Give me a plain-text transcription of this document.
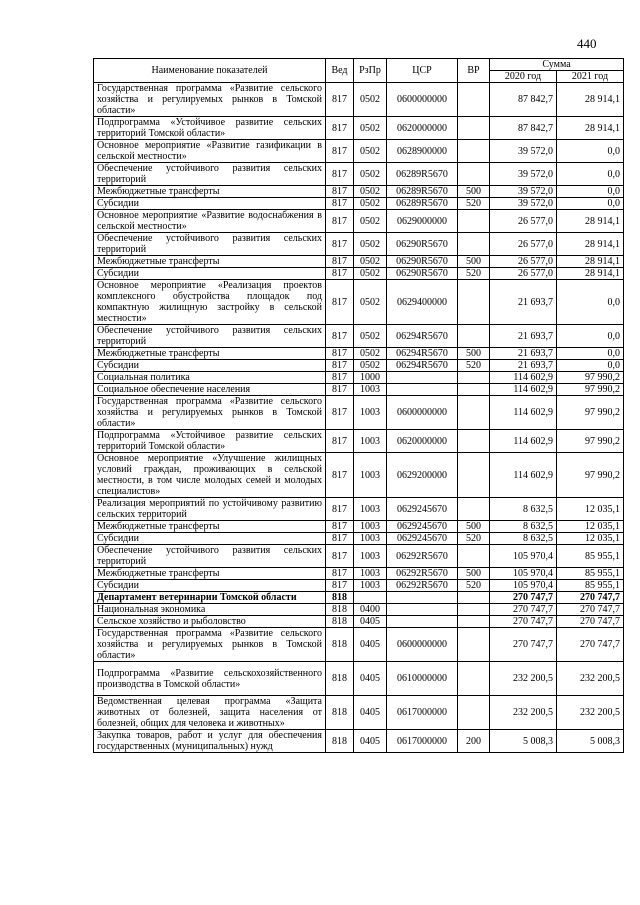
440
Наименование показателей	Вед	РзПр	ЦСР	ВР	Сумма	
					2020 год	2021 год
Государственная программа «Развитие сельского хозяйства и регулируемых рынков в Томской области»	817	0502	0600000000		87 842,7	28 914,1
Подпрограмма «Устойчивое развитие сельских территорий Томской области»	817	0502	0620000000		87 842,7	28 914,1
Основное мероприятие «Развитие газификации в сельской местности»	817	0502	0628900000		39 572,0	0,0
Обеспечение устойчивого развития сельских территорий	817	0502	06289R5670		39 572,0	0,0
Межбюджетные трансферты	817	0502	06289R5670	500	39 572,0	0,0
Субсидии	817	0502	06289R5670	520	39 572,0	0,0
Основное мероприятие «Развитие водоснабжения в сельской местности»	817	0502	0629000000		26 577,0	28 914,1
Обеспечение устойчивого развития сельских территорий	817	0502	06290R5670		26 577,0	28 914,1
Межбюджетные трансферты	817	0502	06290R5670	500	26 577,0	28 914,1
Субсидии	817	0502	06290R5670	520	26 577,0	28 914,1
Основное мероприятие «Реализация проектов комплексного обустройства площадок под компактную жилищную застройку в сельской местности»	817	0502	0629400000		21 693,7	0,0
Обеспечение устойчивого развития сельских территорий	817	0502	06294R5670		21 693,7	0,0
Межбюджетные трансферты	817	0502	06294R5670	500	21 693,7	0,0
Субсидии	817	0502	06294R5670	520	21 693,7	0,0
Социальная политика	817	1000			114 602,9	97 990,2
Социальное обеспечение населения	817	1003			114 602,9	97 990,2
Государственная программа «Развитие сельского хозяйства и регулируемых рынков в Томской области»	817	1003	0600000000		114 602,9	97 990,2
Подпрограмма «Устойчивое развитие сельских территорий Томской области»	817	1003	0620000000		114 602,9	97 990,2
Основное мероприятие «Улучшение жилищных условий граждан, проживающих в сельской местности, в том числе молодых семей и молодых специалистов»	817	1003	0629200000		114 602,9	97 990,2
Реализация мероприятий по устойчивому развитию сельских территорий	817	1003	0629245670		8 632,5	12 035,1
Межбюджетные трансферты	817	1003	0629245670	500	8 632,5	12 035,1
Субсидии	817	1003	0629245670	520	8 632,5	12 035,1
Обеспечение устойчивого развития сельских территорий	817	1003	06292R5670		105 970,4	85 955,1
Межбюджетные трансферты	817	1003	06292R5670	500	105 970,4	85 955,1
Субсидии	817	1003	06292R5670	520	105 970,4	85 955,1
Департамент ветеринарии Томской области	818				270 747,7	270 747,7
Национальная экономика	818	0400			270 747,7	270 747,7
Сельское хозяйство и рыболовство	818	0405			270 747,7	270 747,7
Государственная программа «Развитие сельского хозяйства и регулируемых рынков в Томской области»	818	0405	0600000000		270 747,7	270 747,7
Подпрограмма «Развитие сельскохозяйственного производства в Томской области»	818	0405	0610000000		232 200,5	232 200,5
Ведомственная целевая программа «Защита животных от болезней, защита населения от болезней, общих для человека и животных»	818	0405	0617000000		232 200,5	232 200,5
Закупка товаров, работ и услуг для обеспечения государственных (муниципальных) нужд	818	0405	0617000000	200	5 008,3	5 008,3
